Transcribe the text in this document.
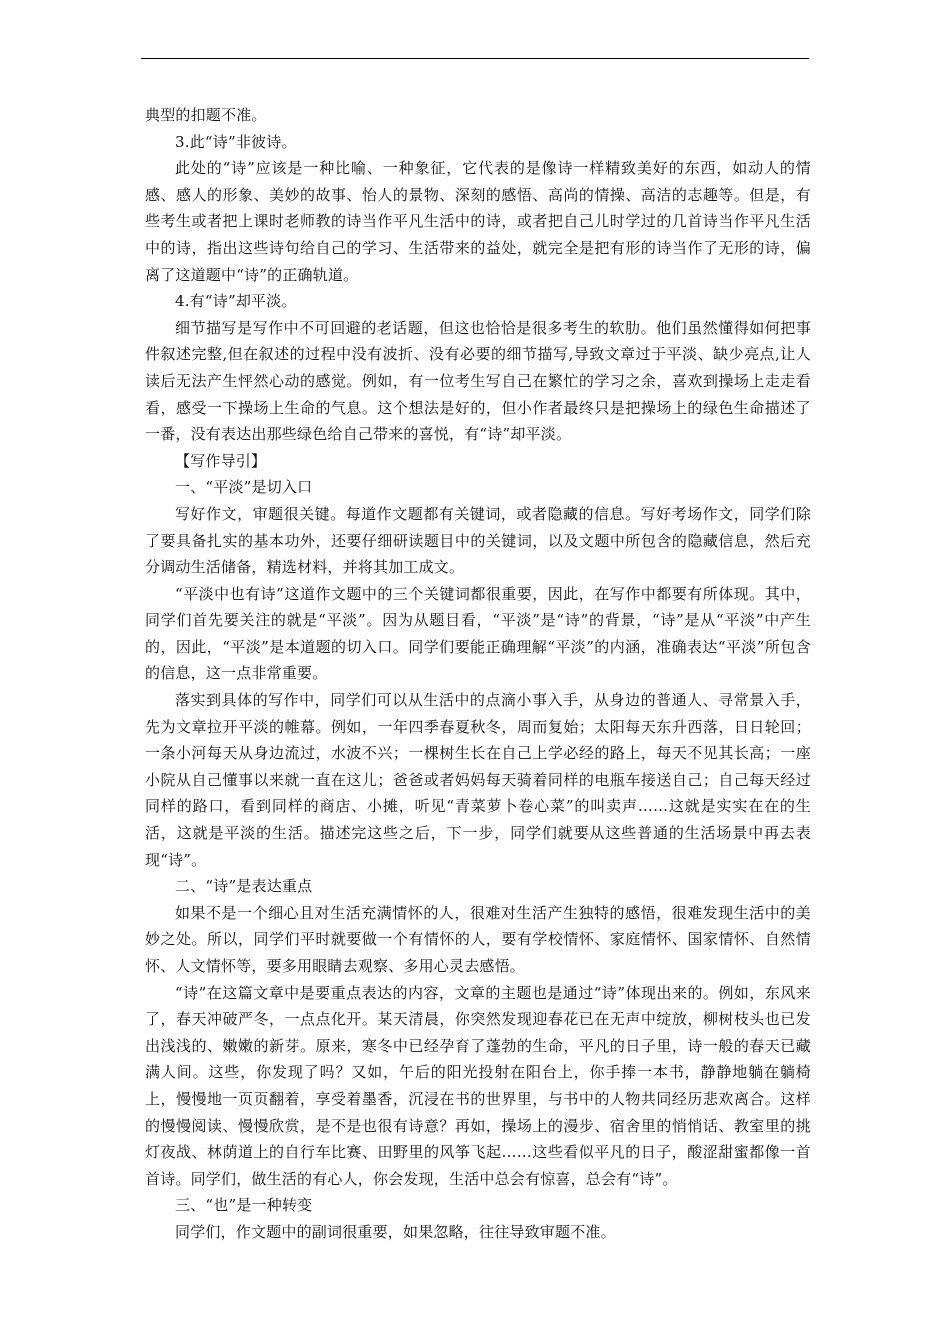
典型的扣题不准。

3.此“诗”非彼诗。

此处的“诗”应该是一种比喻、一种象征，它代表的是像诗一样精致美好的东西，如动人的情感、感人的形象、美妙的故事、怡人的景物、深刻的感悟、高尚的情操、高洁的志趣等。但是，有些考生或者把上课时老师教的诗当作平凡生活中的诗，或者把自己儿时学过的几首诗当作平凡生活中的诗，指出这些诗句给自己的学习、生活带来的益处，就完全是把有形的诗当作了无形的诗，偏离了这道题中“诗”的正确轨道。

4.有“诗”却平淡。

细节描写是写作中不可回避的老话题，但这也恰恰是很多考生的软肋。他们虽然懂得如何把事件叙述完整,但在叙述的过程中没有波折、没有必要的细节描写,导致文章过于平淡、缺少亮点,让人读后无法产生怦然心动的感觉。例如，有一位考生写自己在繁忙的学习之余，喜欢到操场上走走看看，感受一下操场上生命的气息。这个想法是好的，但小作者最终只是把操场上的绿色生命描述了一番，没有表达出那些绿色给自己带来的喜悦，有“诗”却平淡。

【写作导引】

一、“平淡”是切入口

写好作文，审题很关键。每道作文题都有关键词，或者隐藏的信息。写好考场作文，同学们除了要具备扎实的基本功外，还要仔细研读题目中的关键词，以及文题中所包含的隐藏信息，然后充分调动生活储备，精选材料，并将其加工成文。

“平淡中也有诗”这道作文题中的三个关键词都很重要，因此，在写作中都要有所体现。其中，同学们首先要关注的就是“平淡”。因为从题目看，“平淡”是“诗”的背景，“诗”是从“平淡”中产生的，因此，“平淡”是本道题的切入口。同学们要能正确理解“平淡”的内涵，准确表达“平淡”所包含的信息，这一点非常重要。

落实到具体的写作中，同学们可以从生活中的点滴小事入手，从身边的普通人、寻常景入手，先为文章拉开平淡的帷幕。例如，一年四季春夏秋冬，周而复始；太阳每天东升西落，日日轮回；一条小河每天从身边流过，水波不兴；一棵树生长在自己上学必经的路上，每天不见其长高；一座小院从自己懂事以来就一直在这儿；爸爸或者妈妈每天骑着同样的电瓶车接送自己；自己每天经过同样的路口，看到同样的商店、小摊，听见“青菜萝卜卷心菜”的叫卖声……这就是实实在在的生活，这就是平淡的生活。描述完这些之后，下一步，同学们就要从这些普通的生活场景中再去表现“诗”。

二、“诗”是表达重点

如果不是一个细心且对生活充满情怀的人，很难对生活产生独特的感悟，很难发现生活中的美妙之处。所以，同学们平时就要做一个有情怀的人，要有学校情怀、家庭情怀、国家情怀、自然情怀、人文情怀等，要多用眼睛去观察、多用心灵去感悟。

“诗”在这篇文章中是要重点表达的内容，文章的主题也是通过“诗”体现出来的。例如，东风来了，春天冲破严冬，一点点化开。某天清晨，你突然发现迎春花已在无声中绽放，柳树枝头也已发出浅浅的、嫩嫩的新芽。原来，寒冬中已经孕育了蓬勃的生命，平凡的日子里，诗一般的春天已藏满人间。这些，你发现了吗？又如，午后的阳光投射在阳台上，你手捧一本书，静静地躺在躺椅上，慢慢地一页页翻着，享受着墨香，沉浸在书的世界里，与书中的人物共同经历悲欢离合。这样的慢慢阅读、慢慢欣赏，是不是也很有诗意？再如，操场上的漫步、宿舍里的悄悄话、教室里的挑灯夜战、林荫道上的自行车比赛、田野里的风筝飞起……这些看似平凡的日子，酸涩甜蜜都像一首首诗。同学们，做生活的有心人，你会发现，生活中总会有惊喜，总会有“诗”。

三、“也”是一种转变

同学们，作文题中的副词很重要，如果忽略，往往导致审题不准。
